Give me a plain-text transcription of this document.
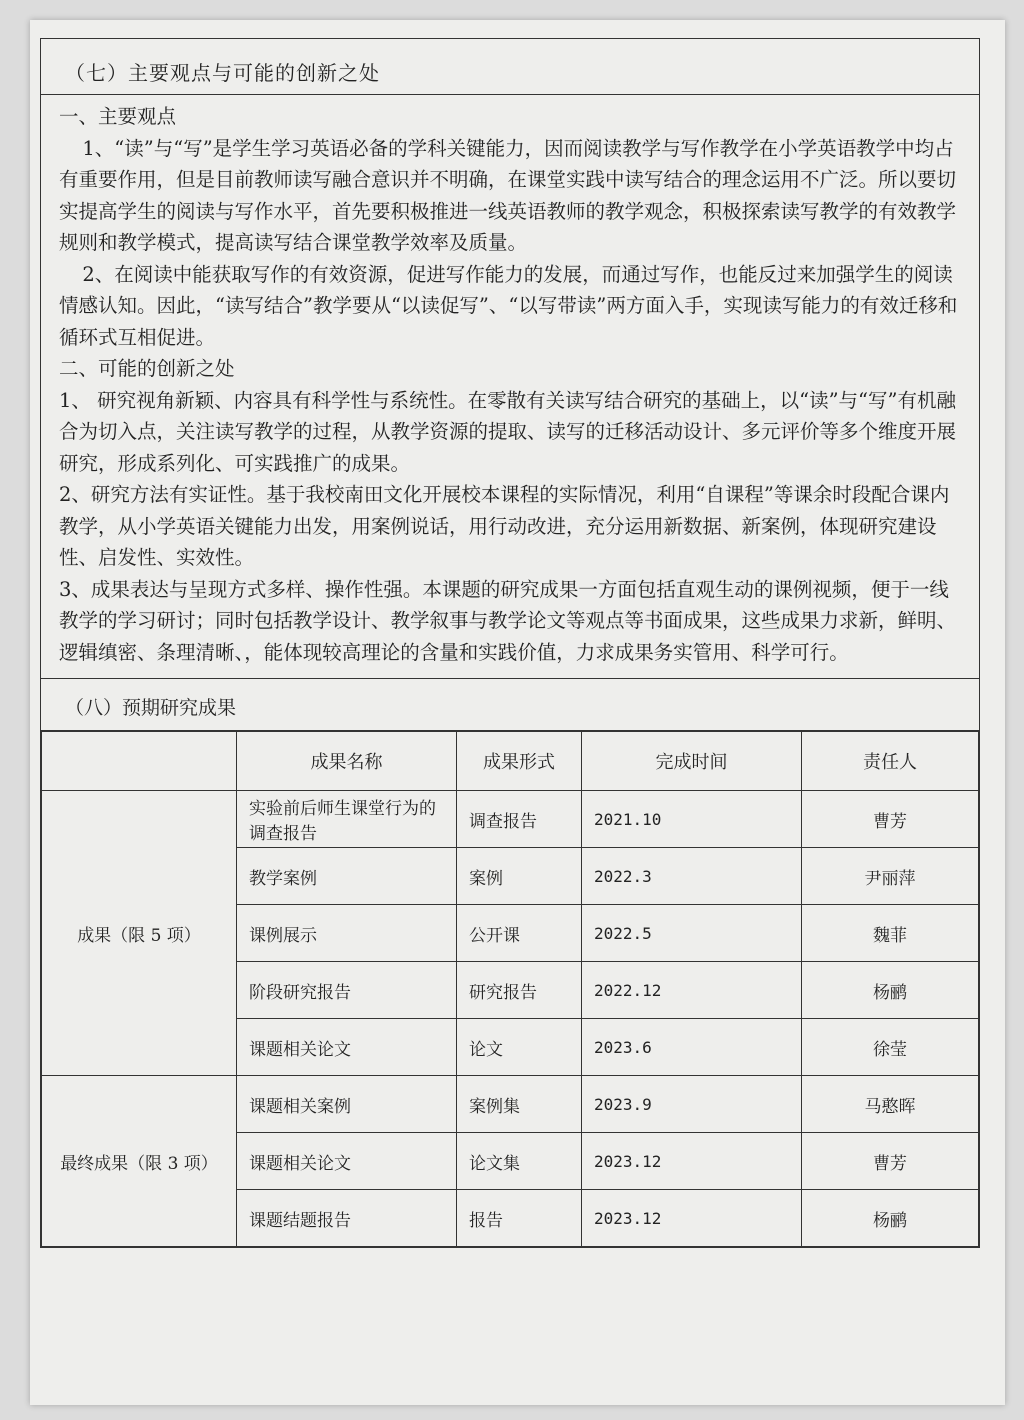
（七）主要观点与可能的创新之处

一、主要观点

1、“读”与“写”是学生学习英语必备的学科关键能力，因而阅读教学与写作教学在小学英语教学中均占有重要作用，但是目前教师读写融合意识并不明确，在课堂实践中读写结合的理念运用不广泛。所以要切实提高学生的阅读与写作水平，首先要积极推进一线英语教师的教学观念，积极探索读写教学的有效教学规则和教学模式，提高读写结合课堂教学效率及质量。

2、在阅读中能获取写作的有效资源，促进写作能力的发展，而通过写作，也能反过来加强学生的阅读情感认知。因此，“读写结合”教学要从“以读促写”、“以写带读”两方面入手，实现读写能力的有效迁移和循环式互相促进。

二、可能的创新之处

1、 研究视角新颖、内容具有科学性与系统性。在零散有关读写结合研究的基础上，以“读”与“写”有机融合为切入点，关注读写教学的过程，从教学资源的提取、读写的迁移活动设计、多元评价等多个维度开展研究，形成系列化、可实践推广的成果。

2、研究方法有实证性。基于我校南田文化开展校本课程的实际情况，利用“自课程”等课余时段配合课内教学，从小学英语关键能力出发，用案例说话，用行动改进，充分运用新数据、新案例，体现研究建设性、启发性、实效性。

3、成果表达与呈现方式多样、操作性强。本课题的研究成果一方面包括直观生动的课例视频，便于一线教学的学习研讨；同时包括教学设计、教学叙事与教学论文等观点等书面成果，这些成果力求新，鲜明、逻辑缜密、条理清晰、，能体现较高理论的含量和实践价值，力求成果务实管用、科学可行。

（八）预期研究成果
	成果名称	成果形式	完成时间	责任人
成果（限 5 项）	实验前后师生课堂行为的调查报告	调查报告	2021.10	曹芳
	教学案例	案例	2022.3	尹丽萍
	课例展示	公开课	2022.5	魏菲
	阶段研究报告	研究报告	2022.12	杨鹂
	课题相关论文	论文	2023.6	徐莹
最终成果（限 3 项）	课题相关案例	案例集	2023.9	马憨晖
	课题相关论文	论文集	2023.12	曹芳
	课题结题报告	报告	2023.12	杨鹂
